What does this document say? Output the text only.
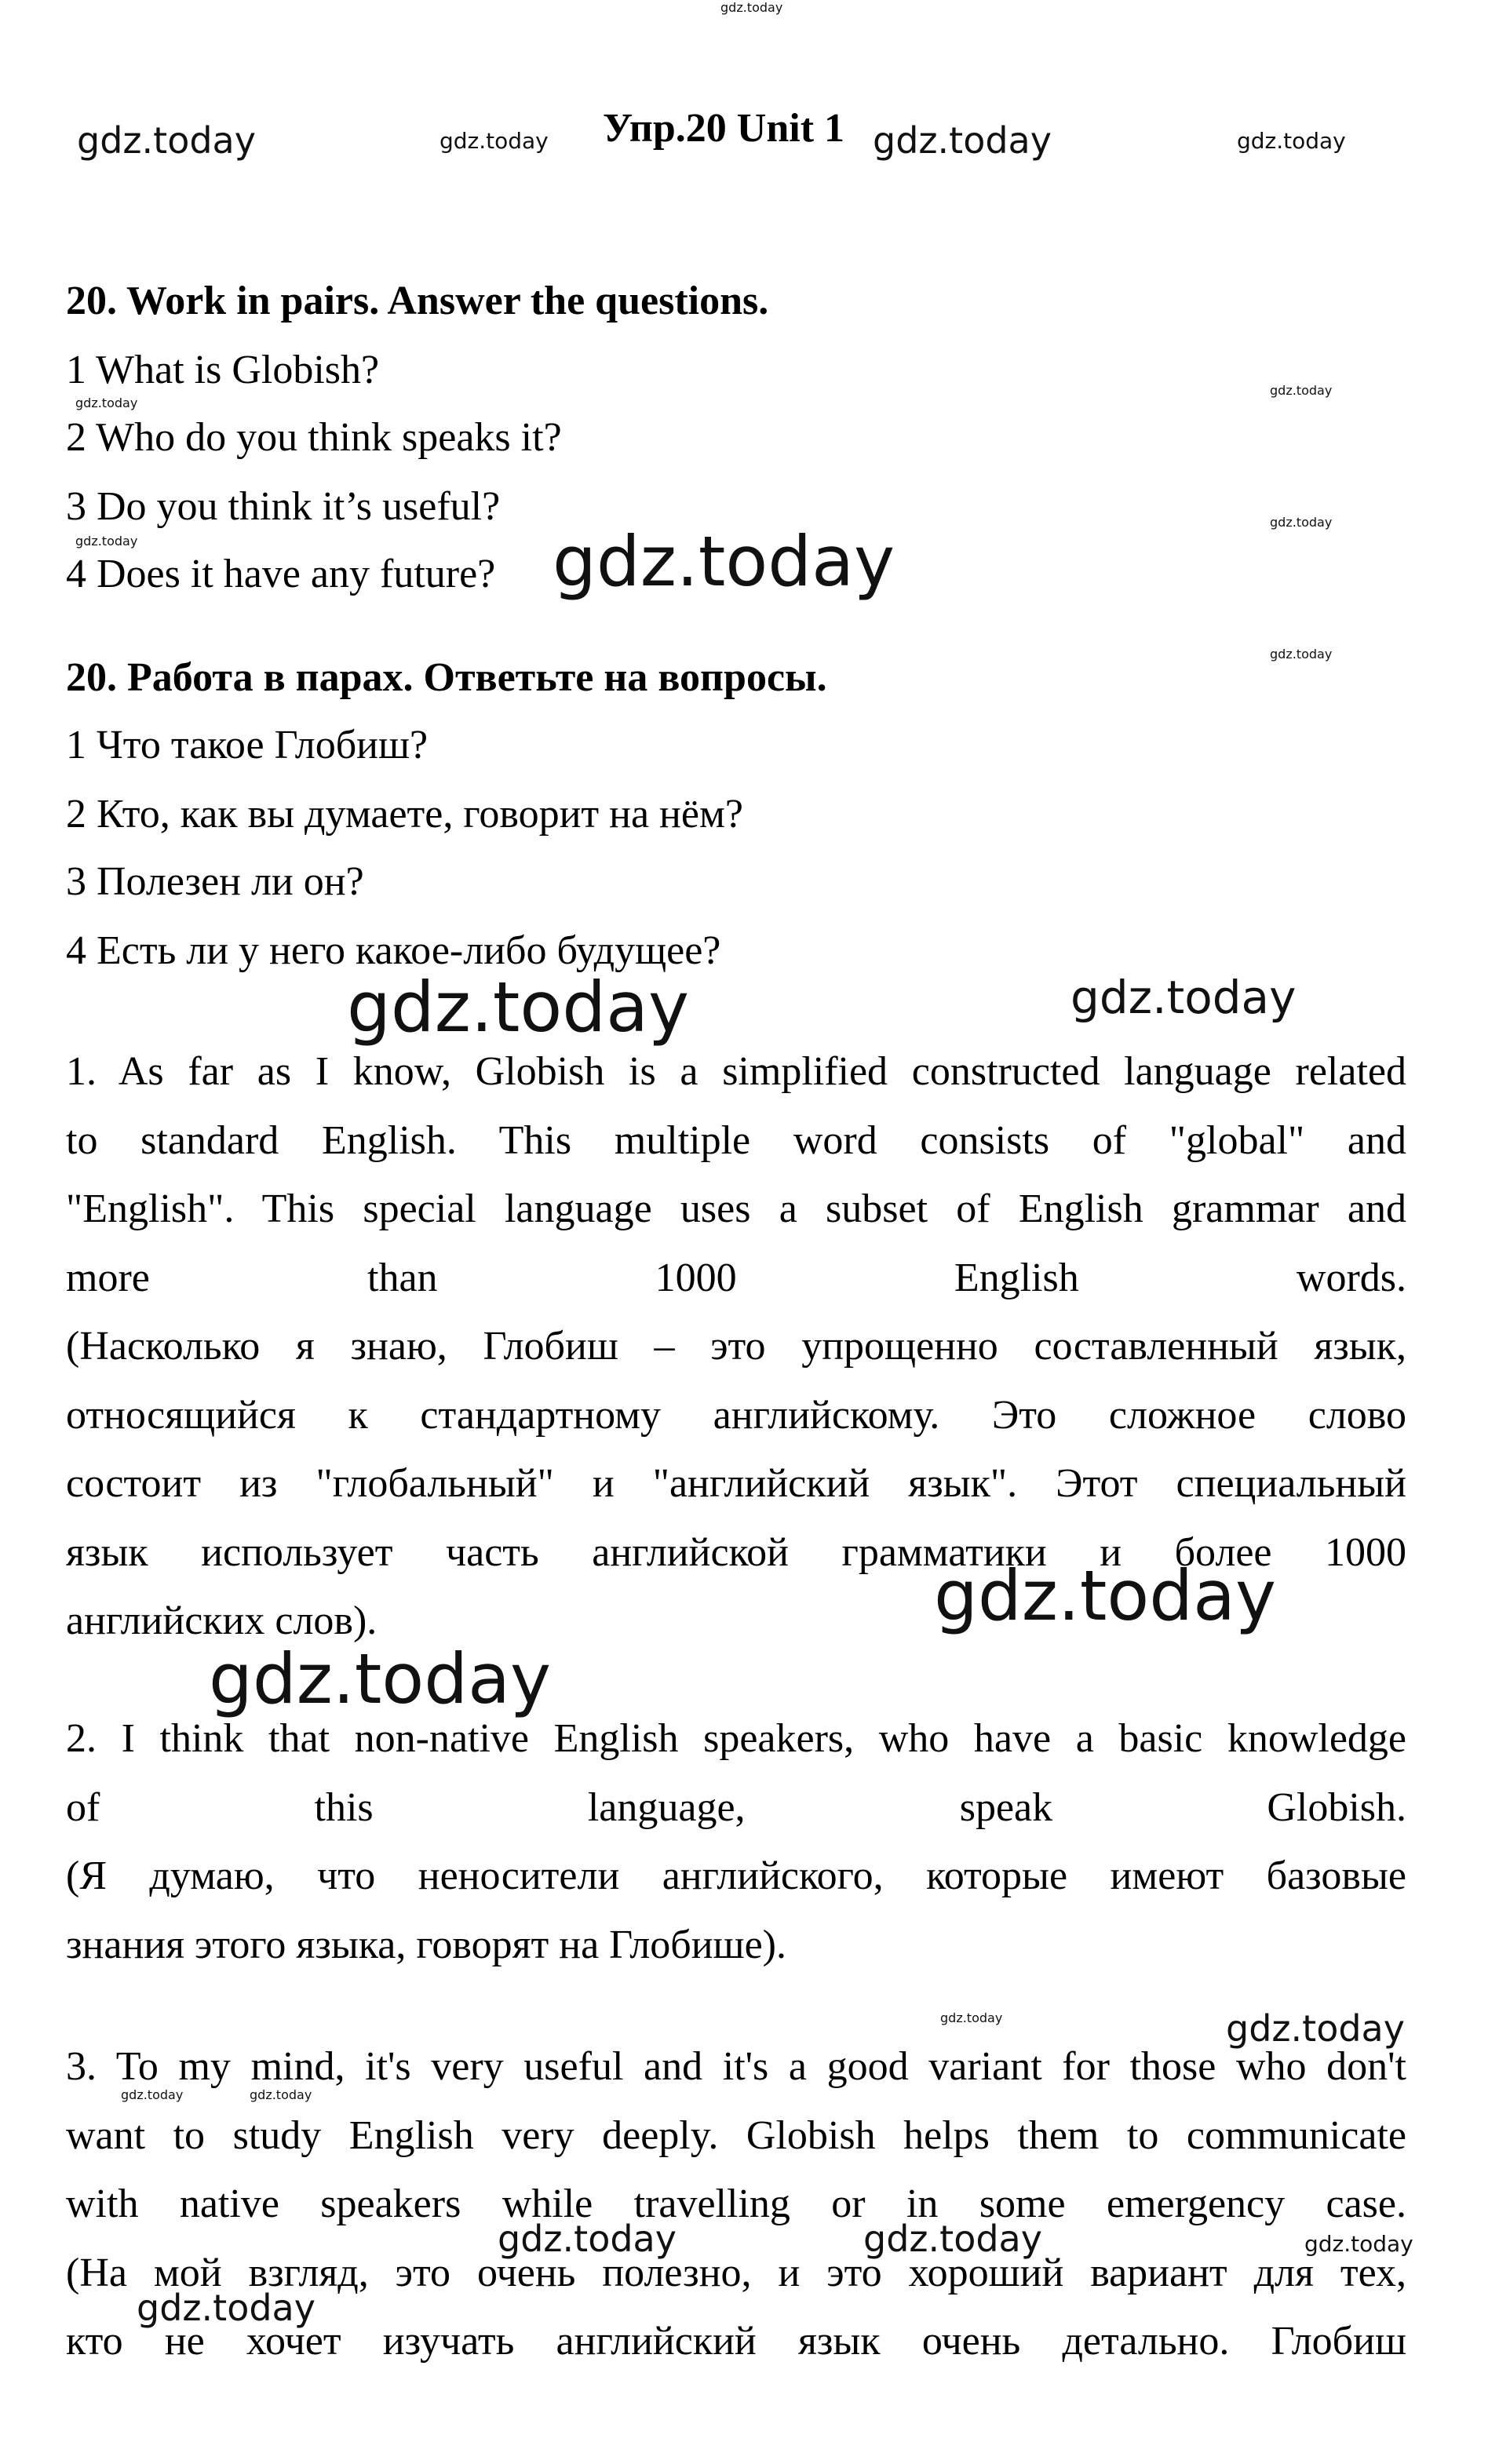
gdz.today
gdz.today	gdz.today	gdz.today	gdz.today
gdz.today
gdz.today
gdz.today
gdz.today
gdz.today
gdz.today
gdz.today	gdz.today
gdz.today
gdz.today
gdz.today	gdz.today
gdz.today	gdz.today
gdz.today	gdz.today	gdz.today
gdz.today
Упр.20 Unit 1
20. Work in pairs. Answer the questions.
1 What is Globish?
2 Who do you think speaks it?
3 Do you think it’s useful?
4 Does it have any future?
20. Работа в парах. Ответьте на вопросы.
1 Что такое Глобиш?
2 Кто, как вы думаете, говорит на нём?
3 Полезен ли он?
4 Есть ли у него какое-либо будущее?
1. As far as I know, Globish is a simplified constructed language related
to standard English. This multiple word consists of "global" and
"English". This special language uses a subset of English grammar and
more than 1000 English words.
(Насколько я знаю, Глобиш – это упрощенно составленный язык,
относящийся к стандартному английскому. Это сложное слово
состоит из "глобальный" и "английский язык". Этот специальный
язык использует часть английской грамматики и более 1000
английских слов).
2. I think that non-native English speakers, who have a basic knowledge
of this language, speak Globish.
(Я думаю, что неносители английского, которые имеют базовые
знания этого языка, говорят на Глобише).
3. To my mind, it's very useful and it's a good variant for those who don't
want to study English very deeply. Globish helps them to communicate
with native speakers while travelling or in some emergency case.
(На мой взгляд, это очень полезно, и это хороший вариант для тех,
кто не хочет изучать английский язык очень детально. Глобиш
